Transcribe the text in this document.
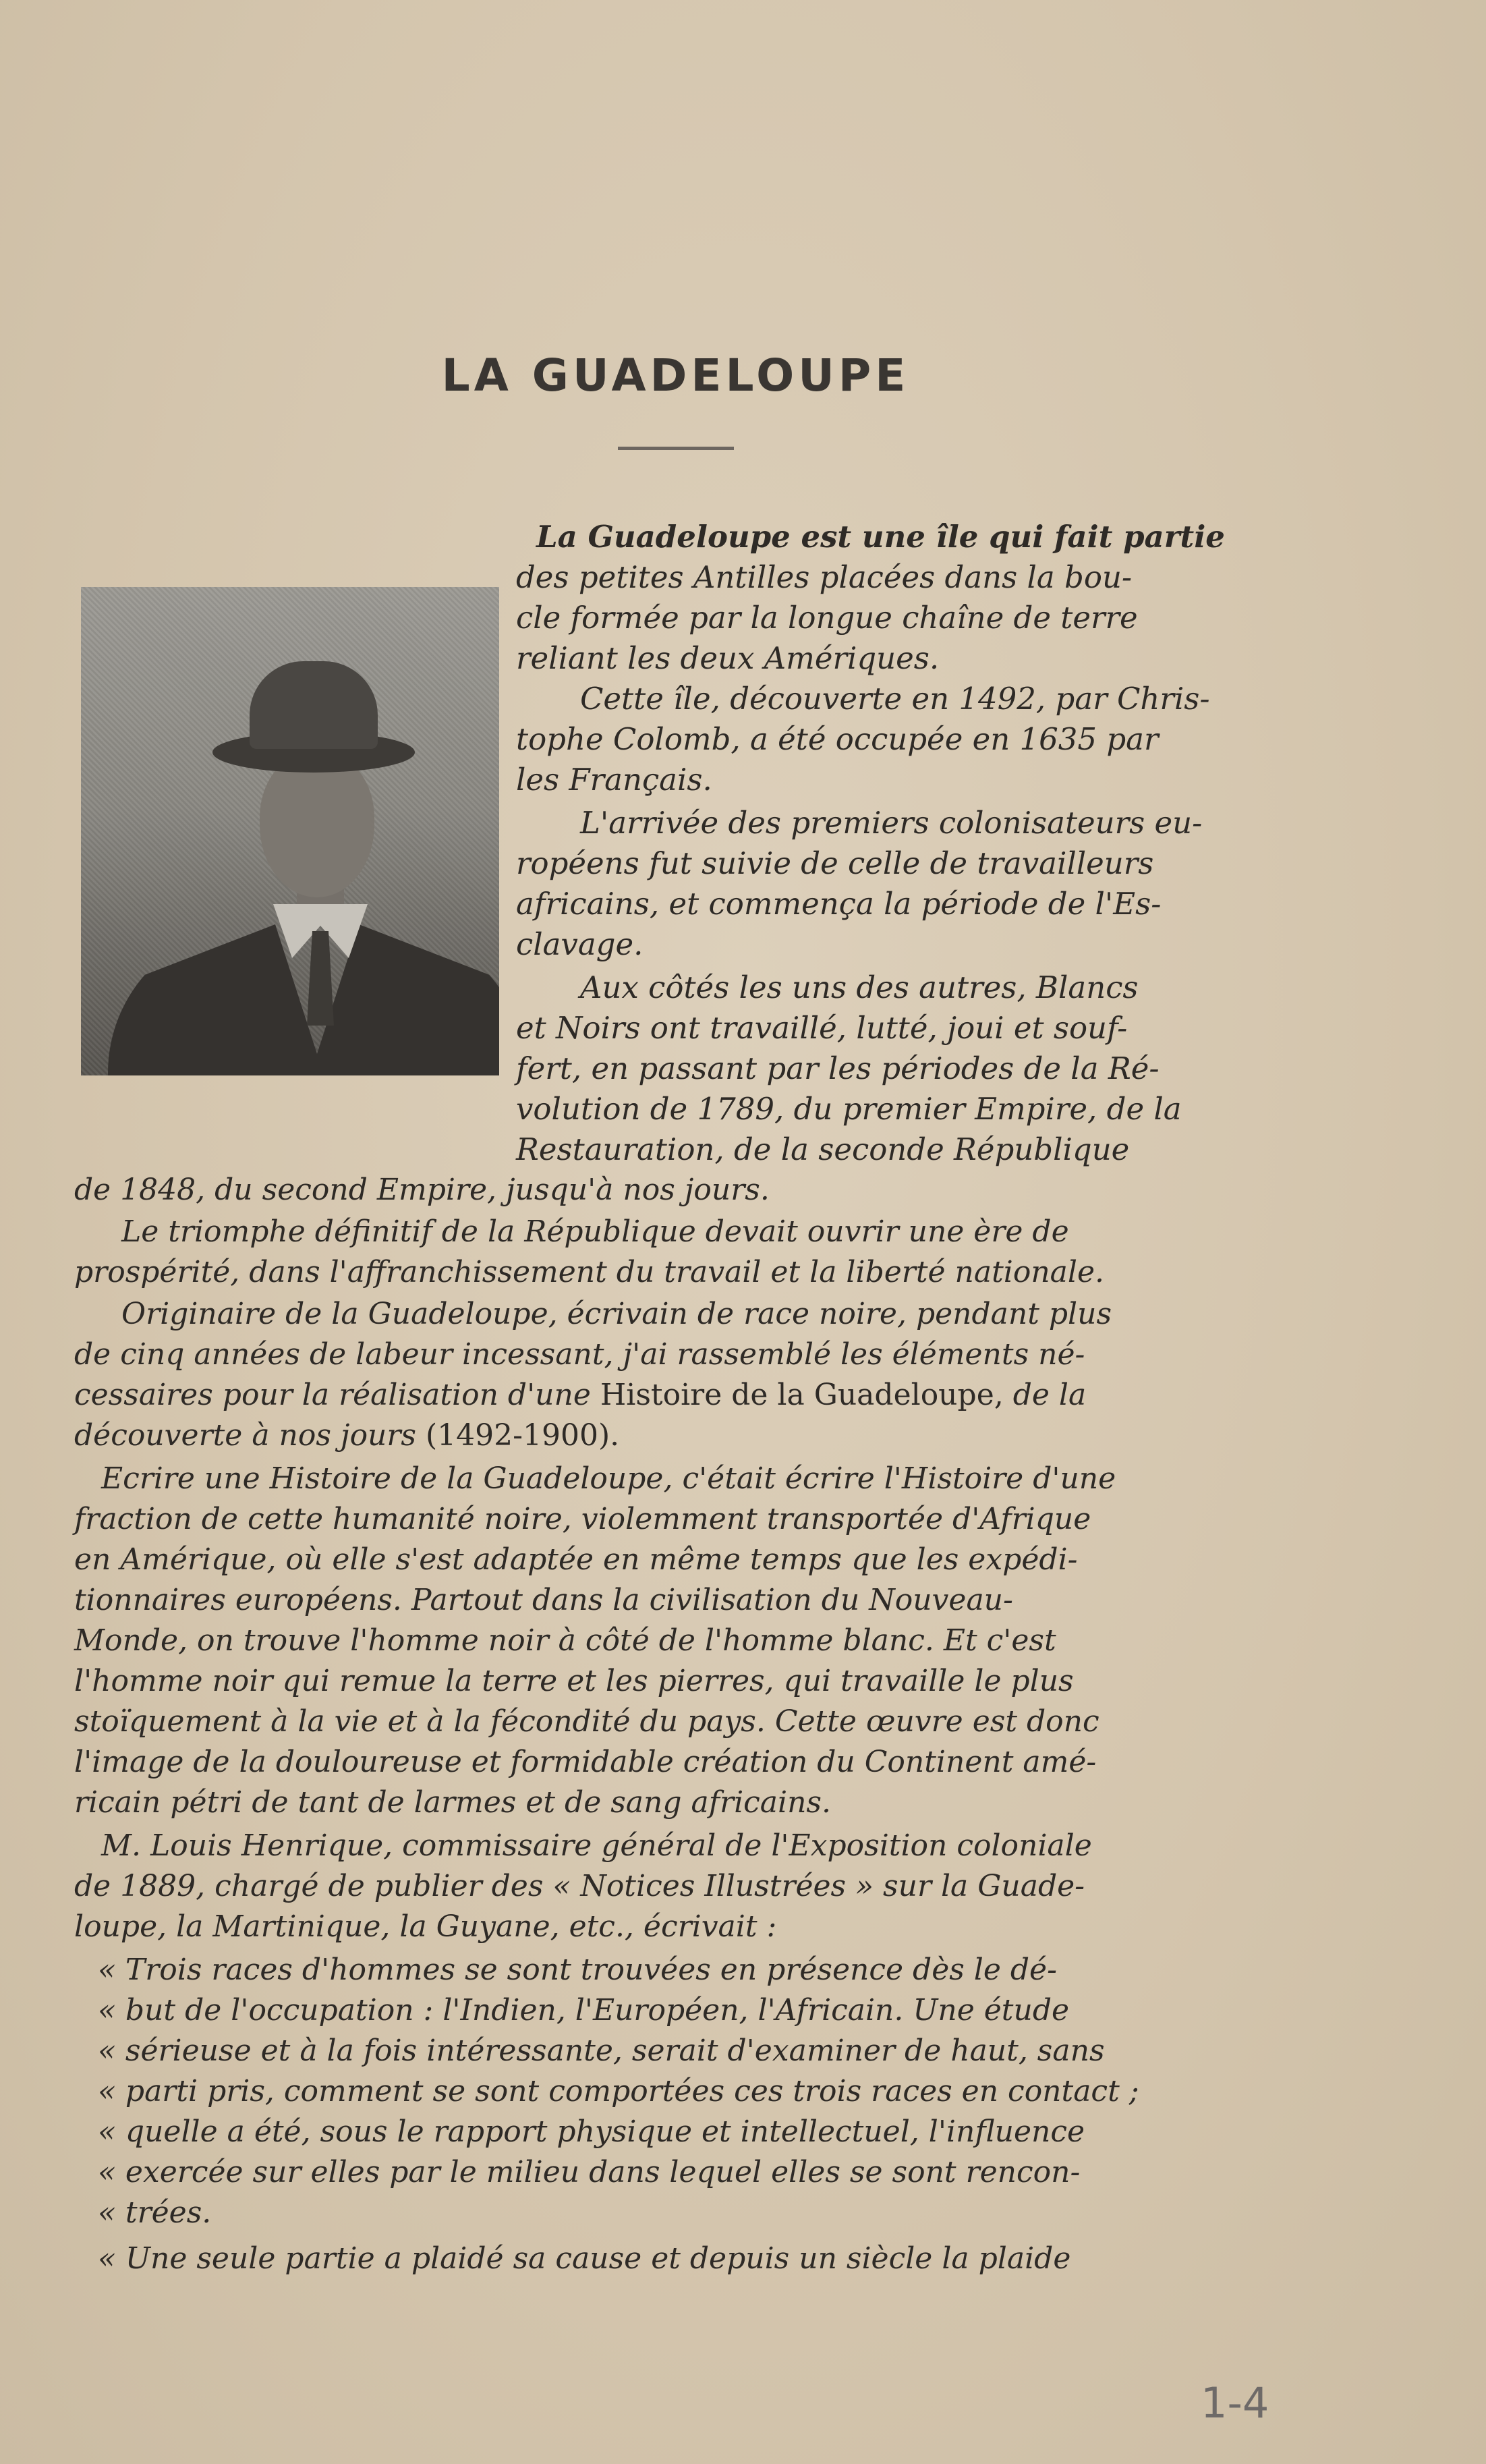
LA GUADELOUPE

La Guadeloupe est une île qui fait partie

des petites Antilles placées dans la bou-

cle formée par la longue chaîne de terre

reliant les deux Amériques.

Cette île, découverte en 1492, par Chris-

tophe Colomb, a été occupée en 1635 par

les Français.

L'arrivée des premiers colonisateurs eu-

ropéens fut suivie de celle de travailleurs

africains, et commença la période de l'Es-

clavage.

Aux côtés les uns des autres, Blancs

et Noirs ont travaillé, lutté, joui et souf-

fert, en passant par les périodes de la Ré-

volution de 1789, du premier Empire, de la

Restauration, de la seconde République

de 1848, du second Empire, jusqu'à nos jours.

Le triomphe définitif de la République devait ouvrir une ère de

prospérité, dans l'affranchissement du travail et la liberté nationale.

Originaire de la Guadeloupe, écrivain de race noire, pendant plus

de cinq années de labeur incessant, j'ai rassemblé les éléments né-

cessaires pour la réalisation d'une Histoire de la Guadeloupe, de la

découverte à nos jours (1492-1900).

Ecrire une Histoire de la Guadeloupe, c'était écrire l'Histoire d'une

fraction de cette humanité noire, violemment transportée d'Afrique

en Amérique, où elle s'est adaptée en même temps que les expédi-

tionnaires européens. Partout dans la civilisation du Nouveau-

Monde, on trouve l'homme noir à côté de l'homme blanc. Et c'est

l'homme noir qui remue la terre et les pierres, qui travaille le plus

stoïquement à la vie et à la fécondité du pays. Cette œuvre est donc

l'image de la douloureuse et formidable création du Continent amé-

ricain pétri de tant de larmes et de sang africains.

M. Louis Henrique, commissaire général de l'Exposition coloniale

de 1889, chargé de publier des « Notices Illustrées » sur la Guade-

loupe, la Martinique, la Guyane, etc., écrivait :

« Trois races d'hommes se sont trouvées en présence dès le dé-

« but de l'occupation : l'Indien, l'Européen, l'Africain. Une étude

« sérieuse et à la fois intéressante, serait d'examiner de haut, sans

« parti pris, comment se sont comportées ces trois races en contact ;

« quelle a été, sous le rapport physique et intellectuel, l'influence

« exercée sur elles par le milieu dans lequel elles se sont rencon-

« trées.

« Une seule partie a plaidé sa cause et depuis un siècle la plaide

1-4
